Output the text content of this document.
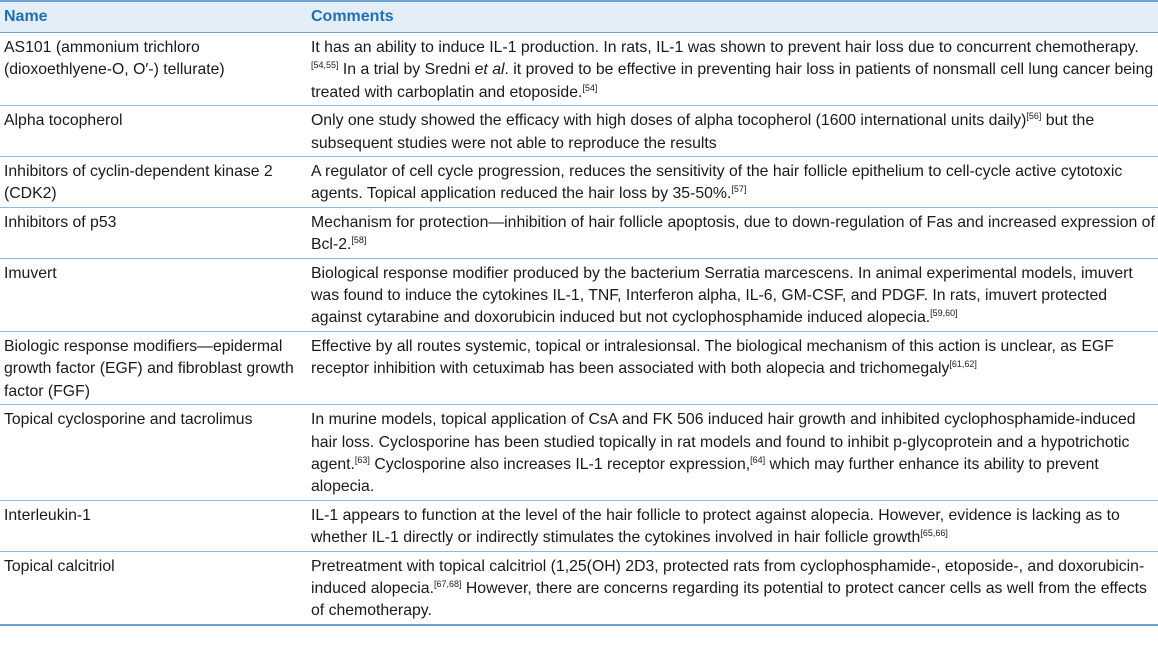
Name	Comments
AS101 (ammonium trichloro (dioxoethlyene-O, O′-) tellurate)	It has an ability to induce IL-1 production. In rats, IL-1 was shown to prevent hair loss due to concurrent chemotherapy.[54,55] In a trial by Sredni et al. it proved to be effective in preventing hair loss in patients of nonsmall cell lung cancer being treated with carboplatin and etoposide.[54]
Alpha tocopherol	Only one study showed the efficacy with high doses of alpha tocopherol (1600 international units daily)[56] but the subsequent studies were not able to reproduce the results
Inhibitors of cyclin-dependent kinase 2 (CDK2)	A regulator of cell cycle progression, reduces the sensitivity of the hair follicle epithelium to cell-cycle active cytotoxic agents. Topical application reduced the hair loss by 35-50%.[57]
Inhibitors of p53	Mechanism for protection—inhibition of hair follicle apoptosis, due to down-regulation of Fas and increased expression of Bcl-2.[58]
Imuvert	Biological response modifier produced by the bacterium Serratia marcescens. In animal experimental models, imuvert was found to induce the cytokines IL-1, TNF, Interferon alpha, IL-6, GM-CSF, and PDGF. In rats, imuvert protected against cytarabine and doxorubicin induced but not cyclophosphamide induced alopecia.[59,60]
Biologic response modifiers—epidermal growth factor (EGF) and fibroblast growth factor (FGF)	Effective by all routes systemic, topical or intralesionsal. The biological mechanism of this action is unclear, as EGF receptor inhibition with cetuximab has been associated with both alopecia and trichomegaly[61,62]
Topical cyclosporine and tacrolimus	In murine models, topical application of CsA and FK 506 induced hair growth and inhibited cyclophosphamide-induced hair loss. Cyclosporine has been studied topically in rat models and found to inhibit p-glycoprotein and a hypotrichotic agent.[63] Cyclosporine also increases IL-1 receptor expression,[64] which may further enhance its ability to prevent alopecia.
Interleukin-1	IL-1 appears to function at the level of the hair follicle to protect against alopecia. However, evidence is lacking as to whether IL-1 directly or indirectly stimulates the cytokines involved in hair follicle growth[65,66]
Topical calcitriol	Pretreatment with topical calcitriol (1,25(OH) 2D3, protected rats from cyclophosphamide-, etoposide-, and doxorubicin-induced alopecia.[67,68] However, there are concerns regarding its potential to protect cancer cells as well from the effects of chemotherapy.
